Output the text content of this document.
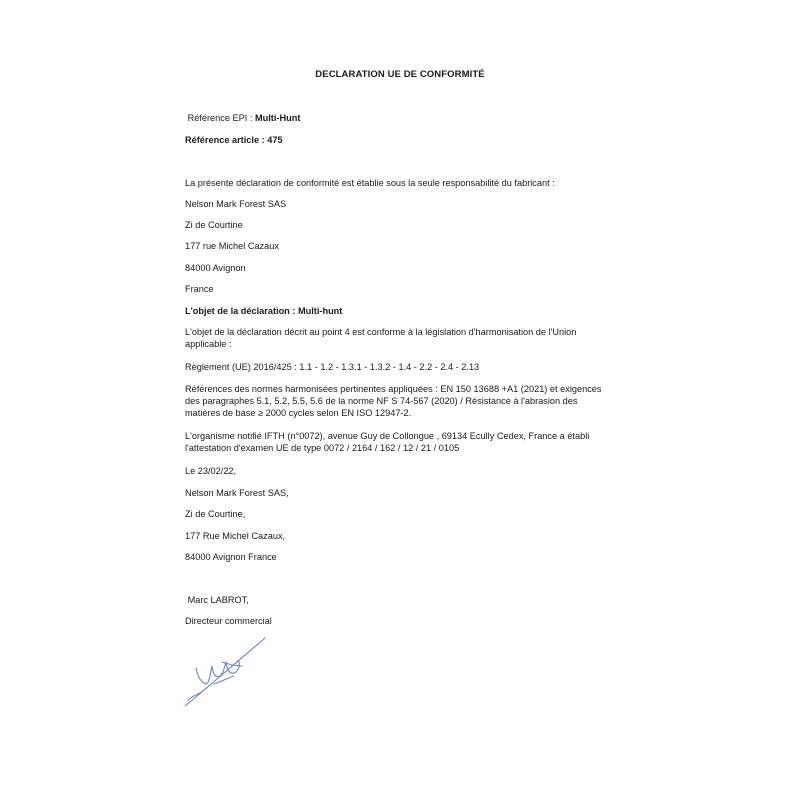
DECLARATION UE DE CONFORMITÉ
Référence EPI : Multi-Hunt
Référence article : 475
La présente déclaration de conformité est établie sous la seule responsabilité du fabricant :
Nelson Mark Forest SAS
Zi de Courtine
177 rue Michel Cazaux
84000 Avignon
France
L'objet de la déclaration : Multi-hunt
L'objet de la déclaration décrit au point 4 est conforme à la législation d'harmonisation de l'Union
applicable :
Règlement (UE) 2016/425 : 1.1 - 1.2 - 1.3.1 - 1.3.2 - 1.4 - 2.2 - 2.4 - 2.13
Références des normes harmonisées pertinentes appliquées : EN 150 13688 +A1 (2021) et exigences
des paragraphes 5.1, 5.2, 5.5, 5.6 de la norme NF S 74-567 (2020) / Résistance à l'abrasion des
matières de base ≥ 2000 cycles selon EN ISO 12947-2.
L'organisme notifié IFTH (n°0072), avenue Guy de Collongue , 69134 Ecully Cedex, France a établi
l'attestation d'examen UE de type 0072 / 2164 / 162 / 12 / 21 / 0105
Le 23/02/22,
Nelson Mark Forest SAS,
Zi de Courtine,
177 Rue Michel Cazaux,
84000 Avignon France
Marc LABROT,
Directeur commercial
